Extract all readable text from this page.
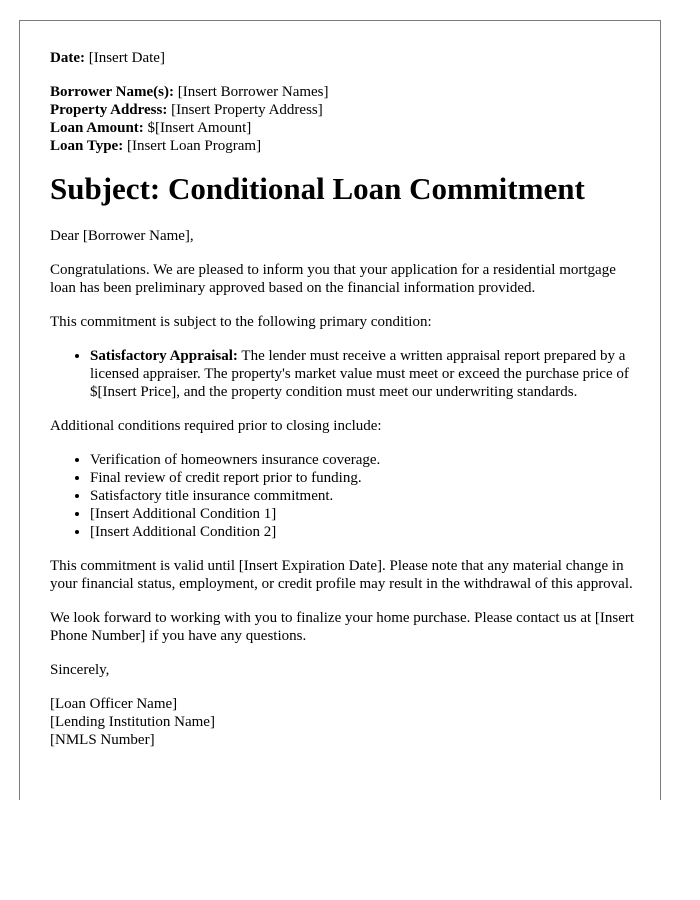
Date: [Insert Date]

Borrower Name(s): [Insert Borrower Names]

Property Address: [Insert Property Address]

Loan Amount: $[Insert Amount]

Loan Type: [Insert Loan Program]

Subject: Conditional Loan Commitment

Dear [Borrower Name],

Congratulations. We are pleased to inform you that your application for a residential mortgage loan has been preliminary approved based on the financial information provided.

This commitment is subject to the following primary condition:

• Satisfactory Appraisal: The lender must receive a written appraisal report prepared by a licensed appraiser. The property's market value must meet or exceed the purchase price of $[Insert Price], and the property condition must meet our underwriting standards.

Additional conditions required prior to closing include:

• Verification of homeowners insurance coverage.
• Final review of credit report prior to funding.
• Satisfactory title insurance commitment.
• [Insert Additional Condition 1]
• [Insert Additional Condition 2]

This commitment is valid until [Insert Expiration Date]. Please note that any material change in your financial status, employment, or credit profile may result in the withdrawal of this approval.

We look forward to working with you to finalize your home purchase. Please contact us at [Insert Phone Number] if you have any questions.

Sincerely,

[Loan Officer Name]

[Lending Institution Name]

[NMLS Number]
